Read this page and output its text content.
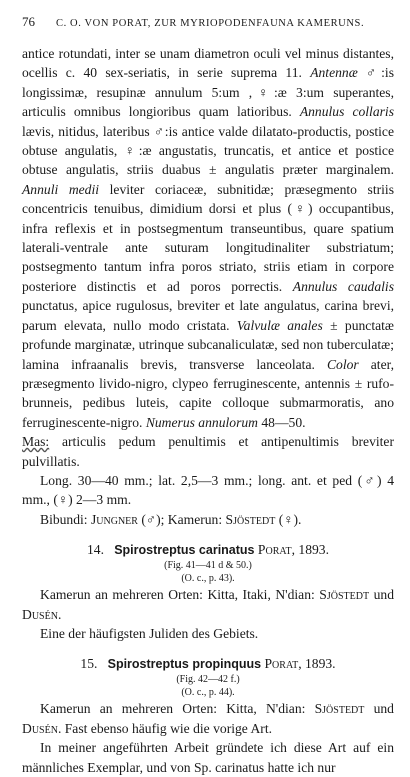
76	C. O. VON PORAT, ZUR MYRIOPODENFAUNA KAMERUNS.

antice rotundati, inter se unam diametron oculi vel minus distantes, ocellis c. 40 sex-seriatis, in serie suprema 11. Antennæ ♂:is longissimæ, resupinæ annulum 5:um ,♀:æ 3:um superantes, articulis omnibus longioribus quam latioribus. Annulus collaris lævis, nitidus, lateribus ♂:is antice valde dilatato-productis, postice obtuse angulatis, ♀:æ angustatis, truncatis, et antice et postice obtuse angulatis, striis duabus ± angulatis præter marginalem. Annuli medii leviter coriaceæ, subnitidæ; præsegmento striis concentricis tenuibus, dimidium dorsi et plus (♀) occupantibus, infra reflexis et in postsegmentum transeuntibus, quare spatium laterali-ventrale ante suturam longitudinaliter substriatum; postsegmento tantum infra poros striato, striis etiam in corpore posteriore distinctis et ad poros porrectis. Annulus caudalis punctatus, apice rugulosus, breviter et late angulatus, carina brevi, parum elevata, nullo modo cristata. Valvulæ anales ± punctatæ profunde marginatæ, utrinque subcanaliculatæ, sed non tuberculatæ; lamina infraanalis brevis, transverse lanceolata. Color ater, præsegmento livido-nigro, clypeo ferruginescente, antennis ± rufo-brunneis, pedibus luteis, capite colloque submarmoratis, ano ferruginescente-nigro. Numerus annulorum 48—50.

Mas: articulis pedum penultimis et antipenultimis breviter pulvillatis.

Long. 30—40 mm.; lat. 2,5—3 mm.; long. ant. et ped (♂) 4 mm., (♀) 2—3 mm.

Bibundi: Jungner (♂); Kamerun: Sjöstedt (♀).

14. Spirostreptus carinatus Porat, 1893.
(Fig. 41—41 d & 50.)
(O. c., p. 43).

Kamerun an mehreren Orten: Kitta, Itaki, N'dian: Sjöstedt und Dusén.

Eine der häufigsten Juliden des Gebiets.

15. Spirostreptus propinquus Porat, 1893.
(Fig. 42—42 f.)
(O. c., p. 44).

Kamerun an mehreren Orten: Kitta, N'dian: Sjöstedt und Dusén. Fast ebenso häufig wie die vorige Art.

In meiner angeführten Arbeit gründete ich diese Art auf ein männliches Exemplar, und von Sp. carinatus hatte ich nur
